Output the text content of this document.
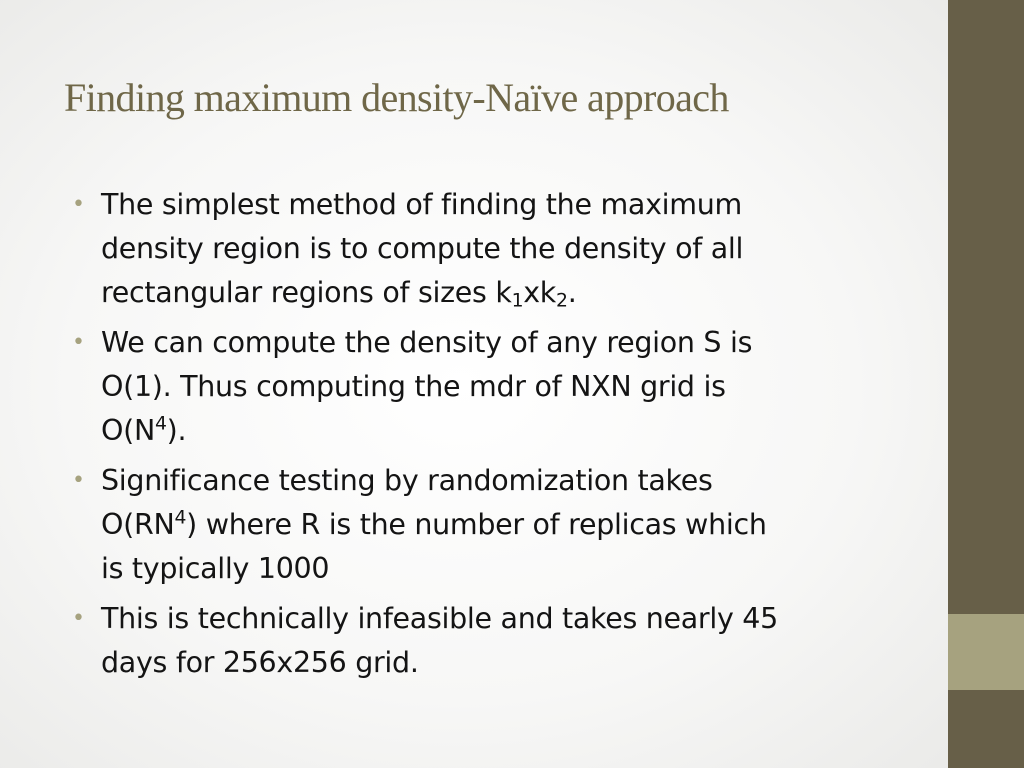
Finding maximum density-Naïve approach
• The simplest method of finding the maximum
density region is to compute the density of all
rectangular regions of sizes $k_1xk_2$.
• We can compute the density of any region S is
O(1). Thus computing the mdr of NXN grid is
$O(N^4)$.
• Significance testing by randomization takes
$O(RN^4)$ where R is the number of replicas which
is typically 1000
• This is technically infeasible and takes nearly 45
days for 256x256 grid.
